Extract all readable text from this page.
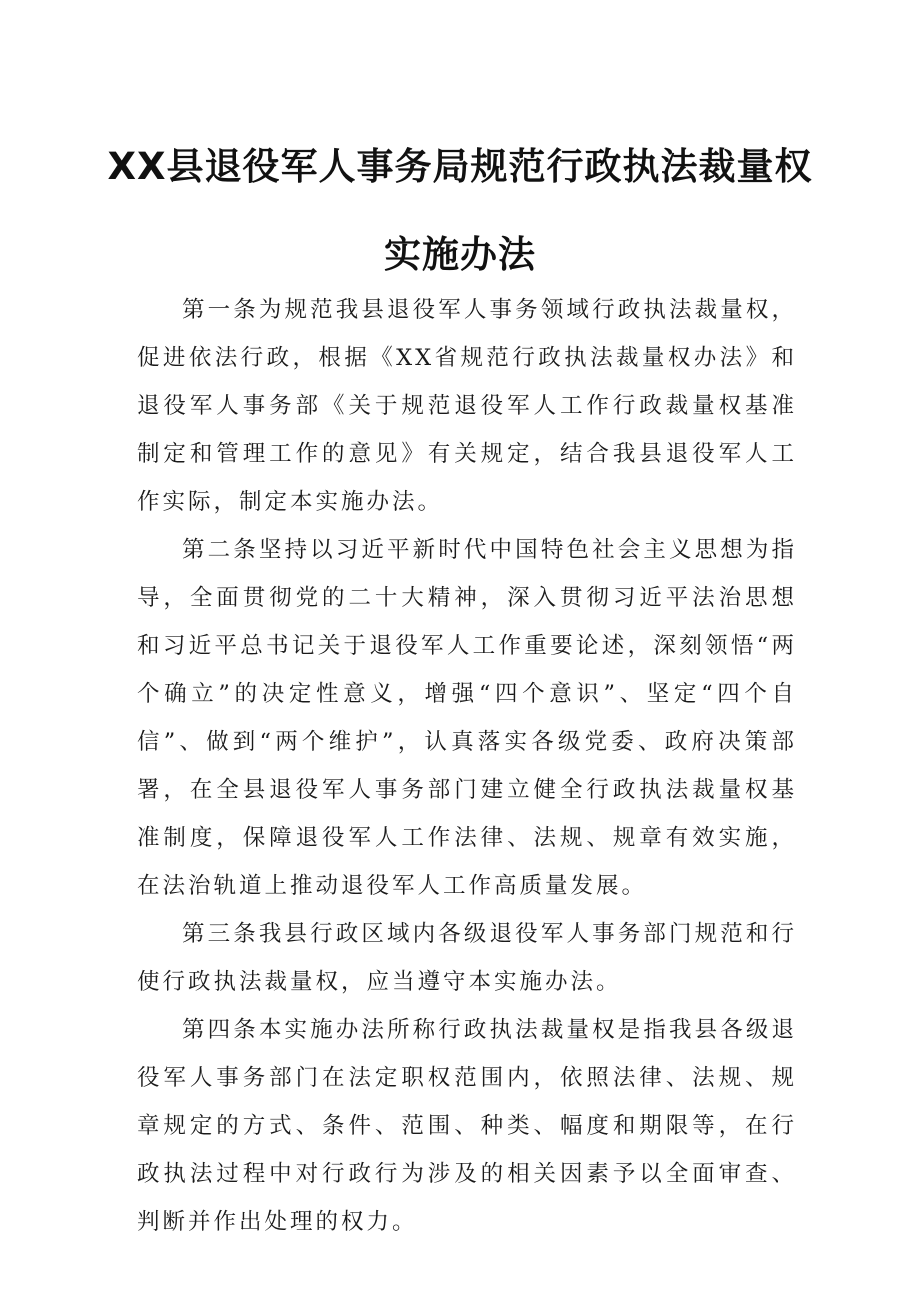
XX县退役军人事务局规范行政执法裁量权
实施办法

第一条为规范我县退役军人事务领域行政执法裁量权，促进依法行政，根据《XX省规范行政执法裁量权办法》和退役军人事务部《关于规范退役军人工作行政裁量权基准制定和管理工作的意见》有关规定，结合我县退役军人工作实际，制定本实施办法。

第二条坚持以习近平新时代中国特色社会主义思想为指导，全面贯彻党的二十大精神，深入贯彻习近平法治思想和习近平总书记关于退役军人工作重要论述，深刻领悟“两个确立”的决定性意义，增强“四个意识”、坚定“四个自信”、做到“两个维护”，认真落实各级党委、政府决策部署，在全县退役军人事务部门建立健全行政执法裁量权基准制度，保障退役军人工作法律、法规、规章有效实施，在法治轨道上推动退役军人工作高质量发展。

第三条我县行政区域内各级退役军人事务部门规范和行使行政执法裁量权，应当遵守本实施办法。

第四条本实施办法所称行政执法裁量权是指我县各级退役军人事务部门在法定职权范围内，依照法律、法规、规章规定的方式、条件、范围、种类、幅度和期限等，在行政执法过程中对行政行为涉及的相关因素予以全面审查、判断并作出处理的权力。
